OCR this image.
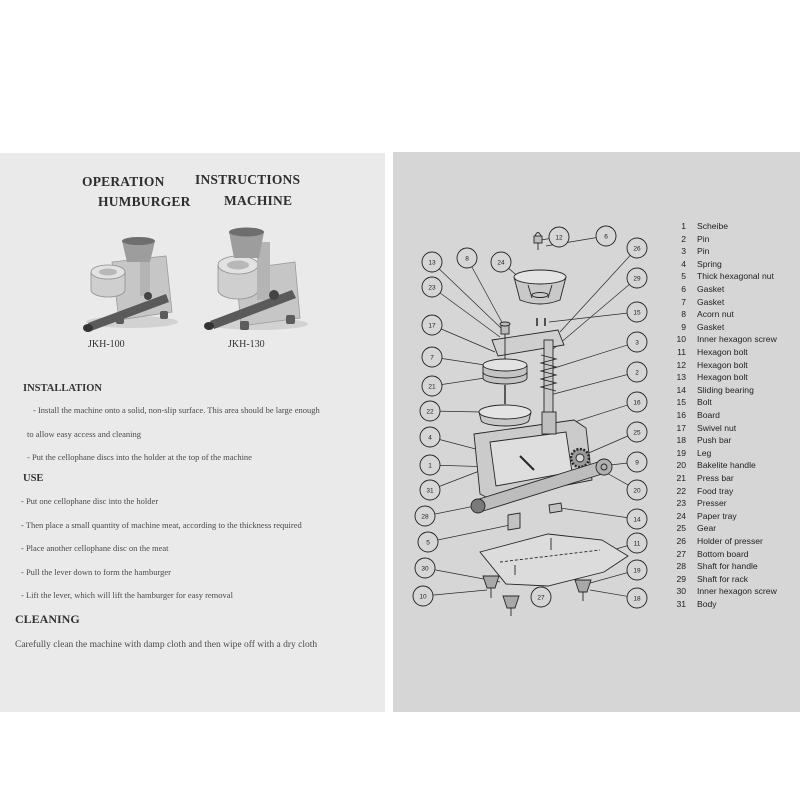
OPERATION INSTRUCTIONS
HUMBURGER MACHINE
JKH-100	JKH-130
INSTALLATION
- Install the machine onto a solid, non-slip surface. This area should be large enough
to allow easy access and cleaning
- Put the cellophane discs into the holder at the top of the machine
USE
- Put one cellophane disc into the holder
- Then place a small quantity of machine meat, according to the thickness required
- Place another cellophane disc on the meat
- Pull the lever down to form the hamburger
- Lift the lever, which will lift the hamburger for easy removal
CLEANING
Carefully clean the machine with damp cloth and then wipe off with a dry cloth
12	6
13
8
24
23
17
7
21
22
4
1
31
28
5
30
10
26
29
15
3
2
16
25
9
20
14
11
19
18
27
1 Scheibe
2 Pin
3 Pin
4 Spring
5 Thick hexagonal nut
6 Gasket
7 Gasket
8 Acorn nut
9 Gasket
10 Inner hexagon screw
11 Hexagon bolt
12 Hexagon bolt
13 Hexagon bolt
14 Sliding bearing
15 Bolt
16 Board
17 Swivel nut
18 Push bar
19 Leg
20 Bakelite handle
21 Press bar
22 Food tray
23 Presser
24 Paper tray
25 Gear
26 Holder of presser
27 Bottom board
28 Shaft for handle
29 Shaft for rack
30 Inner hexagon screw
31 Body
